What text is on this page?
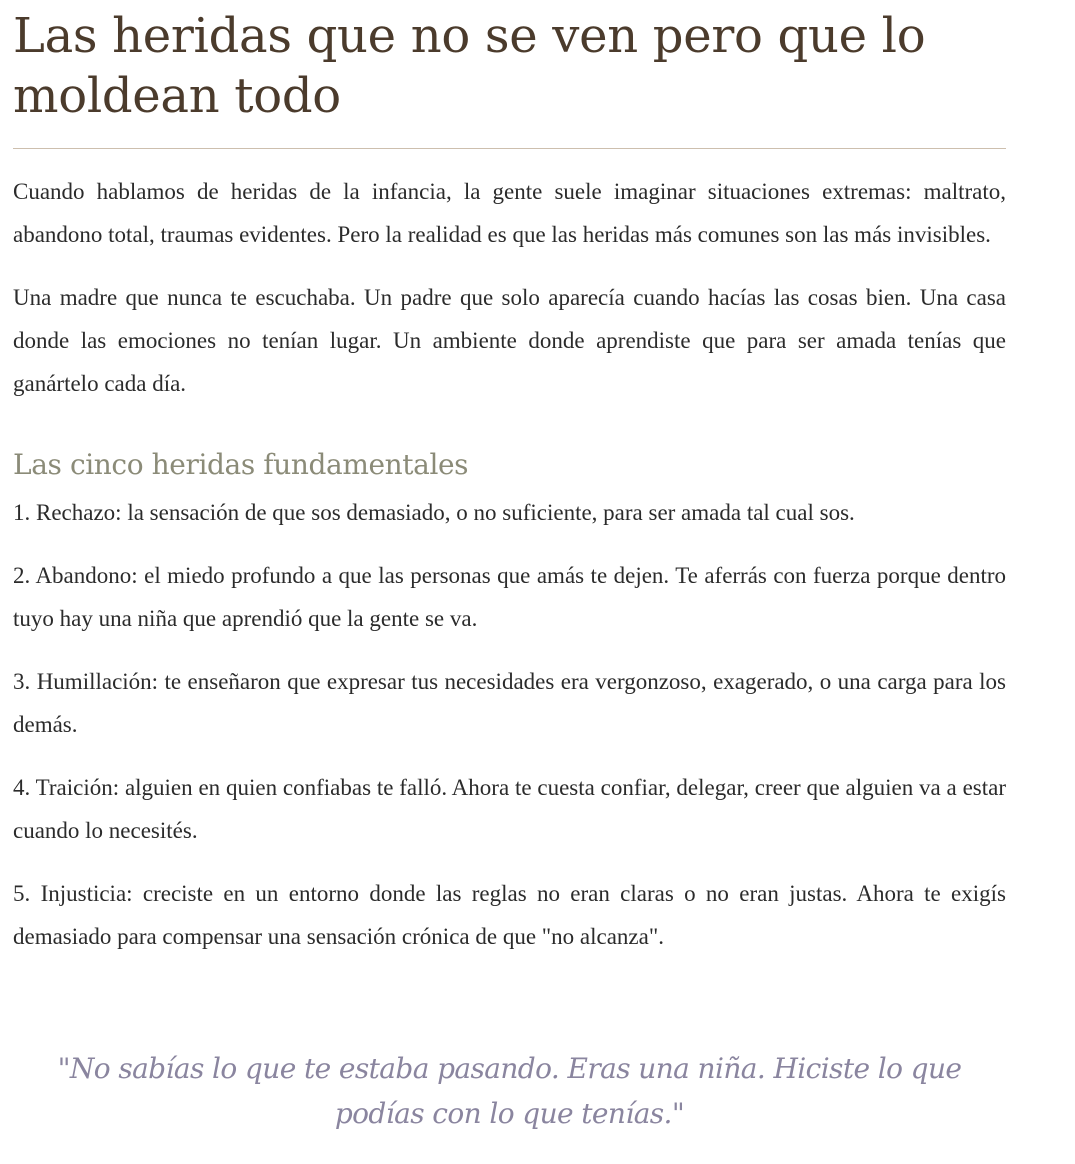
Las heridas que no se ven pero que lo moldean todo

Cuando hablamos de heridas de la infancia, la gente suele imaginar situaciones extremas: maltrato, abandono total, traumas evidentes. Pero la realidad es que las heridas más comunes son las más invisibles.

Una madre que nunca te escuchaba. Un padre que solo aparecía cuando hacías las cosas bien. Una casa donde las emociones no tenían lugar. Un ambiente donde aprendiste que para ser amada tenías que ganártelo cada día.

Las cinco heridas fundamentales

1. Rechazo: la sensación de que sos demasiado, o no suficiente, para ser amada tal cual sos.

2. Abandono: el miedo profundo a que las personas que amás te dejen. Te aferrás con fuerza porque dentro tuyo hay una niña que aprendió que la gente se va.

3. Humillación: te enseñaron que expresar tus necesidades era vergonzoso, exagerado, o una carga para los demás.

4. Traición: alguien en quien confiabas te falló. Ahora te cuesta confiar, delegar, creer que alguien va a estar cuando lo necesités.

5. Injusticia: creciste en un entorno donde las reglas no eran claras o no eran justas. Ahora te exigís demasiado para compensar una sensación crónica de que "no alcanza".

"No sabías lo que te estaba pasando. Eras una niña. Hiciste lo que podías con lo que tenías."
